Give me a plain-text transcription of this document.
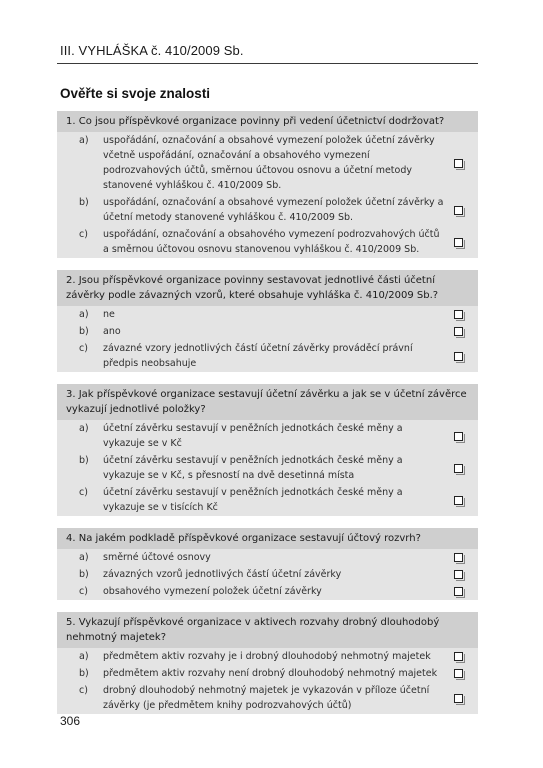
III. VYHLÁŠKA č. 410/2009 Sb.
Ověřte si svoje znalosti
1. Co jsou příspěvkové organizace povinny při vedení účetnictví dodržovat?
a)	uspořádání, označování a obsahové vymezení položek účetní závěrky včetně uspořádání, označování a obsahového vymezení podrozvahových účtů, směrnou účtovou osnovu a účetní metody stanovené vyhláškou č. 410/2009 Sb.
b)	uspořádání, označování a obsahové vymezení položek účetní závěrky a účetní metody stanovené vyhláškou č. 410/2009 Sb.
c)	uspořádání, označování a obsahového vymezení podrozvahových účtů a směrnou účtovou osnovu stanovenou vyhláškou č. 410/2009 Sb.
2. Jsou příspěvkové organizace povinny sestavovat jednotlivé části účetní závěrky podle závazných vzorů, které obsahuje vyhláška č. 410/2009 Sb.?
a)	ne
b)	ano
c)	závazné vzory jednotlivých částí účetní závěrky prováděcí právní předpis neobsahuje
3. Jak příspěvkové organizace sestavují účetní závěrku a jak se v účetní závěrce vykazují jednotlivé položky?
a)	účetní závěrku sestavují v peněžních jednotkách české měny a vykazuje se v Kč
b)	účetní závěrku sestavují v peněžních jednotkách české měny a vykazuje se v Kč, s přesností na dvě desetinná místa
c)	účetní závěrku sestavují v peněžních jednotkách české měny a vykazuje se v tisících Kč
4. Na jakém podkladě příspěvkové organizace sestavují účtový rozvrh?
a)	směrné účtové osnovy
b)	závazných vzorů jednotlivých částí účetní závěrky
c)	obsahového vymezení položek účetní závěrky
5. Vykazují příspěvkové organizace v aktivech rozvahy drobný dlouhodobý nehmotný majetek?
a)	předmětem aktiv rozvahy je i drobný dlouhodobý nehmotný majetek
b)	předmětem aktiv rozvahy není drobný dlouhodobý nehmotný majetek
c)	drobný dlouhodobý nehmotný majetek je vykazován v příloze účetní závěrky (je předmětem knihy podrozvahových účtů)
306
